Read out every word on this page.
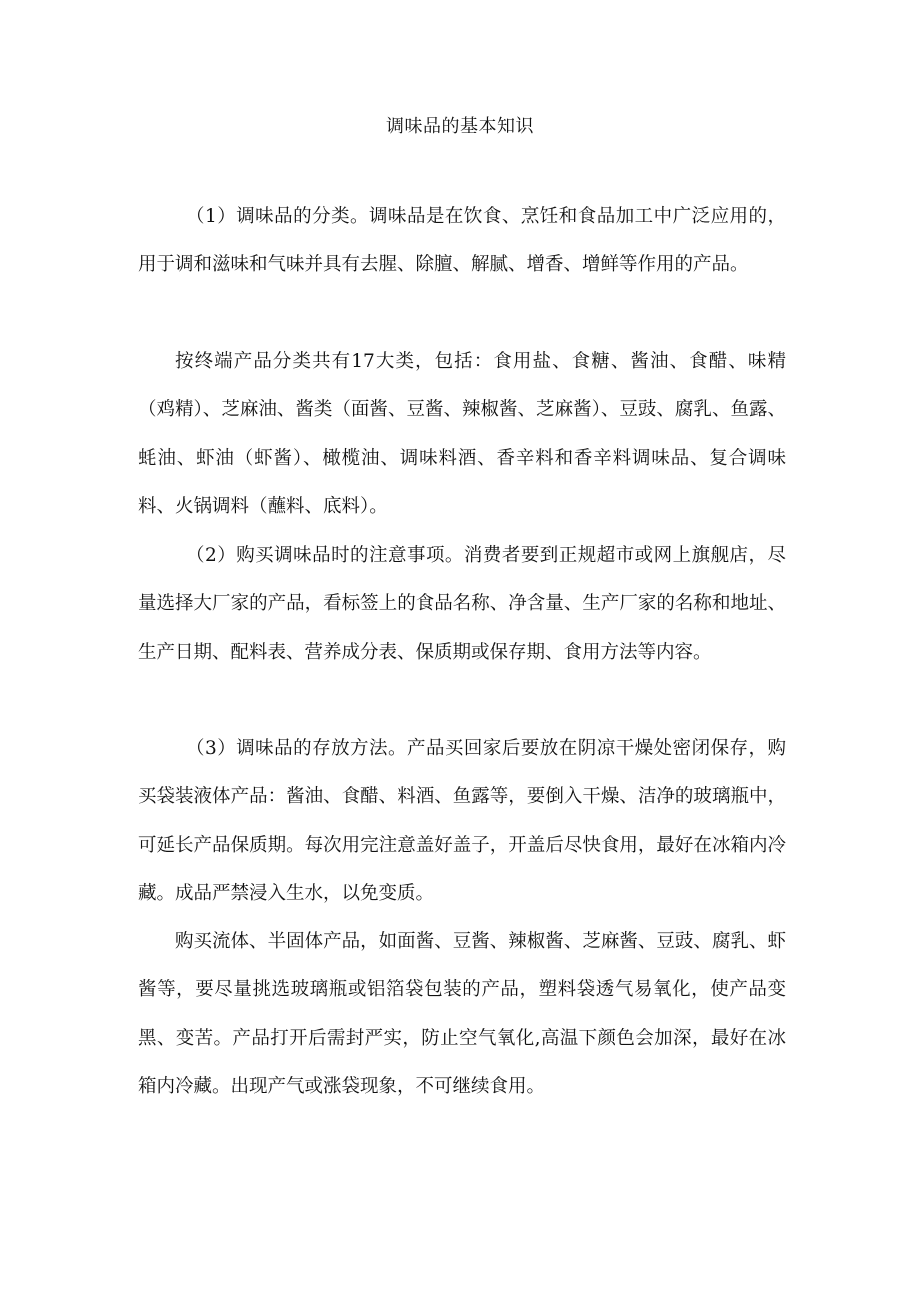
调味品的基本知识

（1）调味品的分类。调味品是在饮食、烹饪和食品加工中广泛应用的，用于调和滋味和气味并具有去腥、除膻、解腻、增香、增鲜等作用的产品。

按终端产品分类共有17大类，包括：食用盐、食糖、酱油、食醋、味精（鸡精）、芝麻油、酱类（面酱、豆酱、辣椒酱、芝麻酱）、豆豉、腐乳、鱼露、蚝油、虾油（虾酱）、橄榄油、调味料酒、香辛料和香辛料调味品、复合调味料、火锅调料（蘸料、底料）。

（2）购买调味品时的注意事项。消费者要到正规超市或网上旗舰店，尽量选择大厂家的产品，看标签上的食品名称、净含量、生产厂家的名称和地址、生产日期、配料表、营养成分表、保质期或保存期、食用方法等内容。

（3）调味品的存放方法。产品买回家后要放在阴凉干燥处密闭保存，购买袋装液体产品：酱油、食醋、料酒、鱼露等，要倒入干燥、洁净的玻璃瓶中，可延长产品保质期。每次用完注意盖好盖子，开盖后尽快食用，最好在冰箱内冷藏。成品严禁浸入生水，以免变质。

购买流体、半固体产品，如面酱、豆酱、辣椒酱、芝麻酱、豆豉、腐乳、虾酱等，要尽量挑选玻璃瓶或铝箔袋包装的产品，塑料袋透气易氧化，使产品变黑、变苦。产品打开后需封严实，防止空气氧化,高温下颜色会加深，最好在冰箱内冷藏。出现产气或涨袋现象，不可继续食用。
